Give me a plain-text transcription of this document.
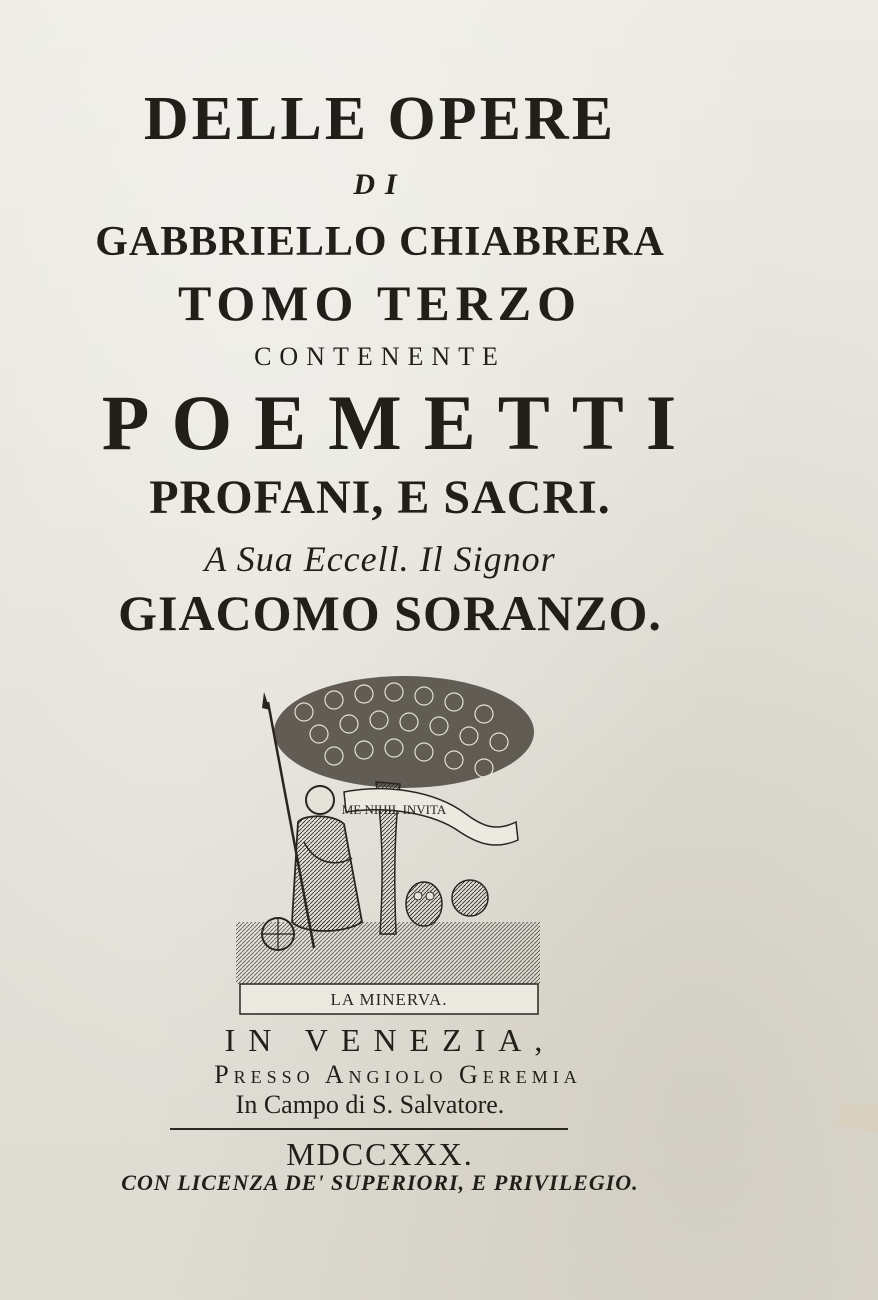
DELLE OPERE
DI
GABBRIELLO CHIABRERA
TOMO TERZO
CONTENENTE
POEMETTI
PROFANI, E SACRI.
A Sua Eccell. Il Signor
GIACOMO SORANZO.
ME NIHIL INVITA
LA MINERVA.
IN VENEZIA,
Presso Angiolo Geremia
In Campo di S. Salvatore.
MDCCXXX.
CON LICENZA DE' SUPERIORI, E PRIVILEGIO.
